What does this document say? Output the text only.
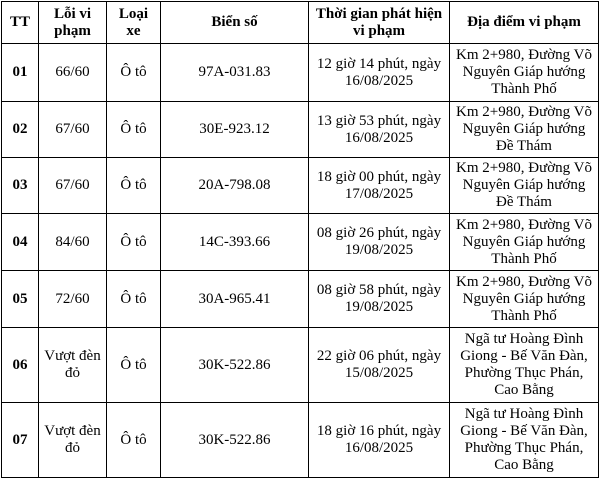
TT	Lỗi vi phạm	Loại xe	Biển số	Thời gian phát hiện vi phạm	Địa điểm vi phạm
01	66/60	Ô tô	97A-031.83	12 giờ 14 phút, ngày 16/08/2025	Km 2+980, Đường Võ Nguyên Giáp hướng Thành Phố
02	67/60	Ô tô	30E-923.12	13 giờ 53 phút, ngày 16/08/2025	Km 2+980, Đường Võ Nguyên Giáp hướng Đề Thám
03	67/60	Ô tô	20A-798.08	18 giờ 00 phút, ngày 17/08/2025	Km 2+980, Đường Võ Nguyên Giáp hướng Đề Thám
04	84/60	Ô tô	14C-393.66	08 giờ 26 phút, ngày 19/08/2025	Km 2+980, Đường Võ Nguyên Giáp hướng Thành Phố
05	72/60	Ô tô	30A-965.41	08 giờ 58 phút, ngày 19/08/2025	Km 2+980, Đường Võ Nguyên Giáp hướng Thành Phố
06	Vượt đèn đỏ	Ô tô	30K-522.86	22 giờ 06 phút, ngày 15/08/2025	Ngã tư Hoàng Đình Giong - Bế Văn Đàn, Phường Thục Phán, Cao Bằng
07	Vượt đèn đỏ	Ô tô	30K-522.86	18 giờ 16 phút, ngày 16/08/2025	Ngã tư Hoàng Đình Giong - Bế Văn Đàn, Phường Thục Phán, Cao Bằng
